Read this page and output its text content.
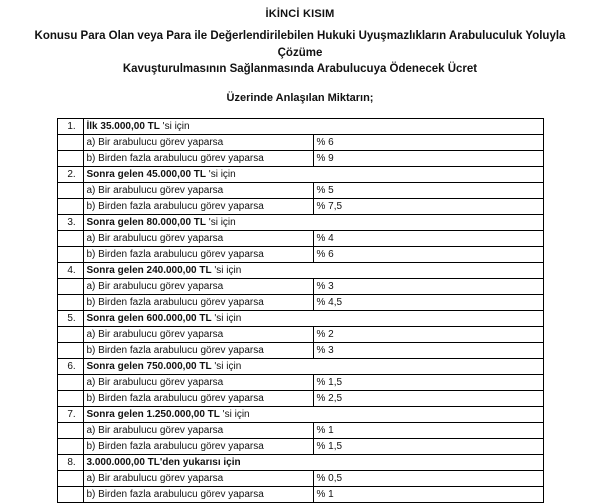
İKİNCİ KISIM
Konusu Para Olan veya Para ile Değerlendirilebilen Hukuki Uyuşmazlıkların Arabuluculuk Yoluyla Çözüme
Kavuşturulmasının Sağlanmasında Arabulucuya Ödenecek Ücret
Üzerinde Anlaşılan Miktarın;
1.	İlk 35.000,00 TL 'si için	
	a) Bir arabulucu görev yaparsa	% 6
	b) Birden fazla arabulucu görev yaparsa	% 9
2.	Sonra gelen 45.000,00 TL 'si için	
	a) Bir arabulucu görev yaparsa	% 5
	b) Birden fazla arabulucu görev yaparsa	% 7,5
3.	Sonra gelen 80.000,00 TL 'si için	
	a) Bir arabulucu görev yaparsa	% 4
	b) Birden fazla arabulucu görev yaparsa	% 6
4.	Sonra gelen 240.000,00 TL 'si için	
	a) Bir arabulucu görev yaparsa	% 3
	b) Birden fazla arabulucu görev yaparsa	% 4,5
5.	Sonra gelen 600.000,00 TL 'si için	
	a) Bir arabulucu görev yaparsa	% 2
	b) Birden fazla arabulucu görev yaparsa	% 3
6.	Sonra gelen 750.000,00 TL 'si için	
	a) Bir arabulucu görev yaparsa	% 1,5
	b) Birden fazla arabulucu görev yaparsa	% 2,5
7.	Sonra gelen 1.250.000,00 TL 'si için	
	a) Bir arabulucu görev yaparsa	% 1
	b) Birden fazla arabulucu görev yaparsa	% 1,5
8.	3.000.000,00 TL'den yukarısı için	
	a) Bir arabulucu görev yaparsa	% 0,5
	b) Birden fazla arabulucu görev yaparsa	% 1
